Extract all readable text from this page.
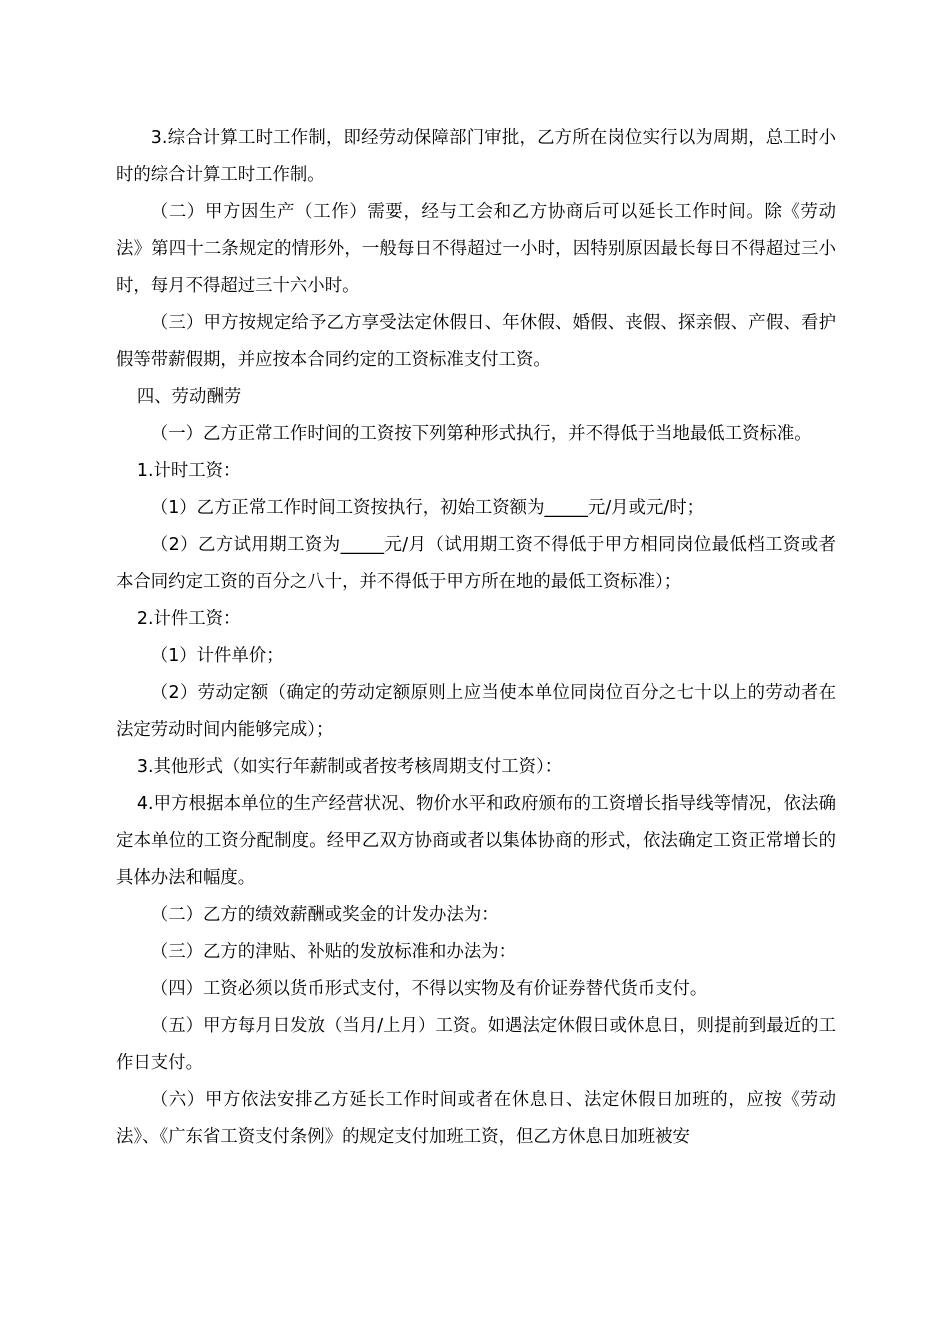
3.综合计算工时工作制，即经劳动保障部门审批，乙方所在岗位实行以为周期，总工时小时的综合计算工时工作制。

（二）甲方因生产（工作）需要，经与工会和乙方协商后可以延长工作时间。除《劳动法》第四十二条规定的情形外，一般每日不得超过一小时，因特别原因最长每日不得超过三小时，每月不得超过三十六小时。

（三）甲方按规定给予乙方享受法定休假日、年休假、婚假、丧假、探亲假、产假、看护假等带薪假期，并应按本合同约定的工资标准支付工资。

四、劳动酬劳

（一）乙方正常工作时间的工资按下列第种形式执行，并不得低于当地最低工资标准。

1.计时工资：

（1）乙方正常工作时间工资按执行，初始工资额为_____元/月或元/时；

（2）乙方试用期工资为_____元/月（试用期工资不得低于甲方相同岗位最低档工资或者本合同约定工资的百分之八十，并不得低于甲方所在地的最低工资标准）；

2.计件工资：

（1）计件单价；

（2）劳动定额（确定的劳动定额原则上应当使本单位同岗位百分之七十以上的劳动者在法定劳动时间内能够完成）；

3.其他形式（如实行年薪制或者按考核周期支付工资）：

4.甲方根据本单位的生产经营状况、物价水平和政府颁布的工资增长指导线等情况，依法确定本单位的工资分配制度。经甲乙双方协商或者以集体协商的形式，依法确定工资正常增长的具体办法和幅度。

（二）乙方的绩效薪酬或奖金的计发办法为：

（三）乙方的津贴、补贴的发放标准和办法为：

（四）工资必须以货币形式支付，不得以实物及有价证券替代货币支付。

（五）甲方每月日发放（当月/上月）工资。如遇法定休假日或休息日，则提前到最近的工作日支付。

（六）甲方依法安排乙方延长工作时间或者在休息日、法定休假日加班的，应按《劳动法》、《广东省工资支付条例》的规定支付加班工资，但乙方休息日加班被安
